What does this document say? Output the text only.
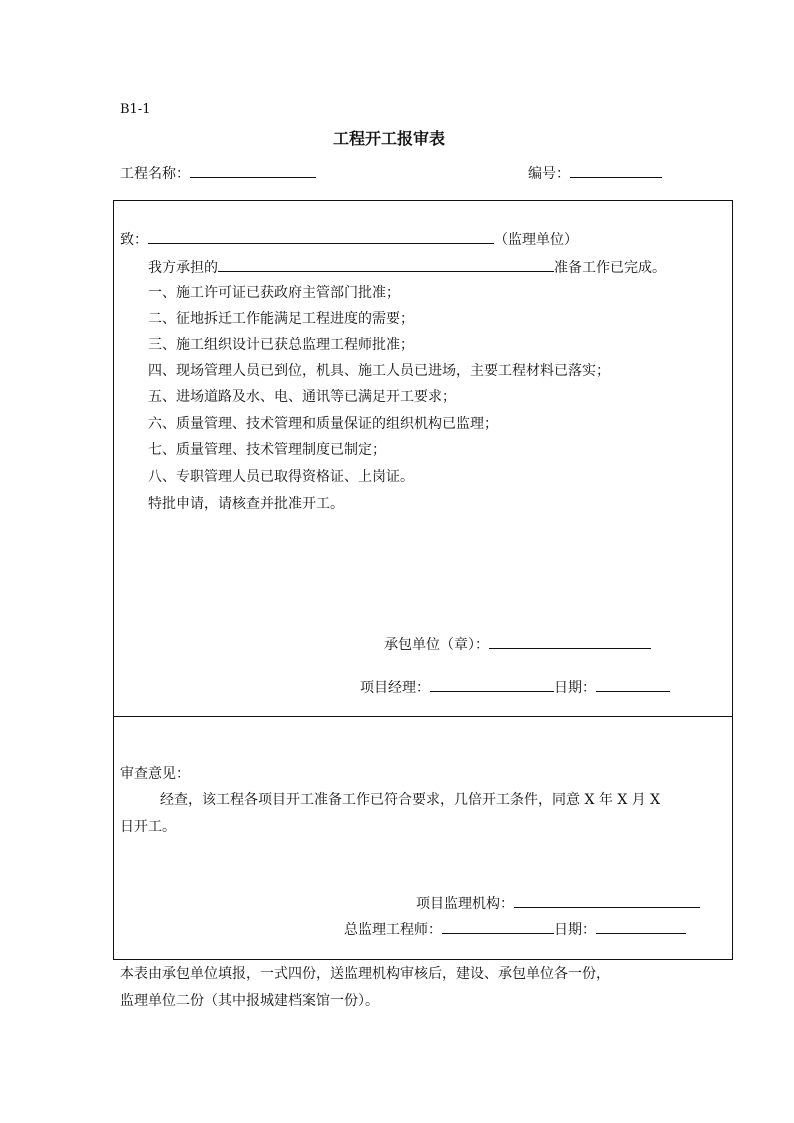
B1-1
工程开工报审表
工程名称：	编号：
致：	（监理单位）
我方承担的	准备工作已完成。
一、施工许可证已获政府主管部门批准；
二、征地拆迁工作能满足工程进度的需要；
三、施工组织设计已获总监理工程师批准；
四、现场管理人员已到位，机具、施工人员已进场，主要工程材料已落实；
五、进场道路及水、电、通讯等已满足开工要求；
六、质量管理、技术管理和质量保证的组织机构已监理；
七、质量管理、技术管理制度已制定；
八、专职管理人员已取得资格证、上岗证。
特批申请，请核查并批准开工。
承包单位（章）：
项目经理：	日期：
审查意见：
经查，该工程各项目开工准备工作已符合要求，几倍开工条件，同意 X 年 X 月 X
日开工。
项目监理机构：
总监理工程师：	日期：
本表由承包单位填报，一式四份，送监理机构审核后，建设、承包单位各一份，
监理单位二份（其中报城建档案馆一份）。
